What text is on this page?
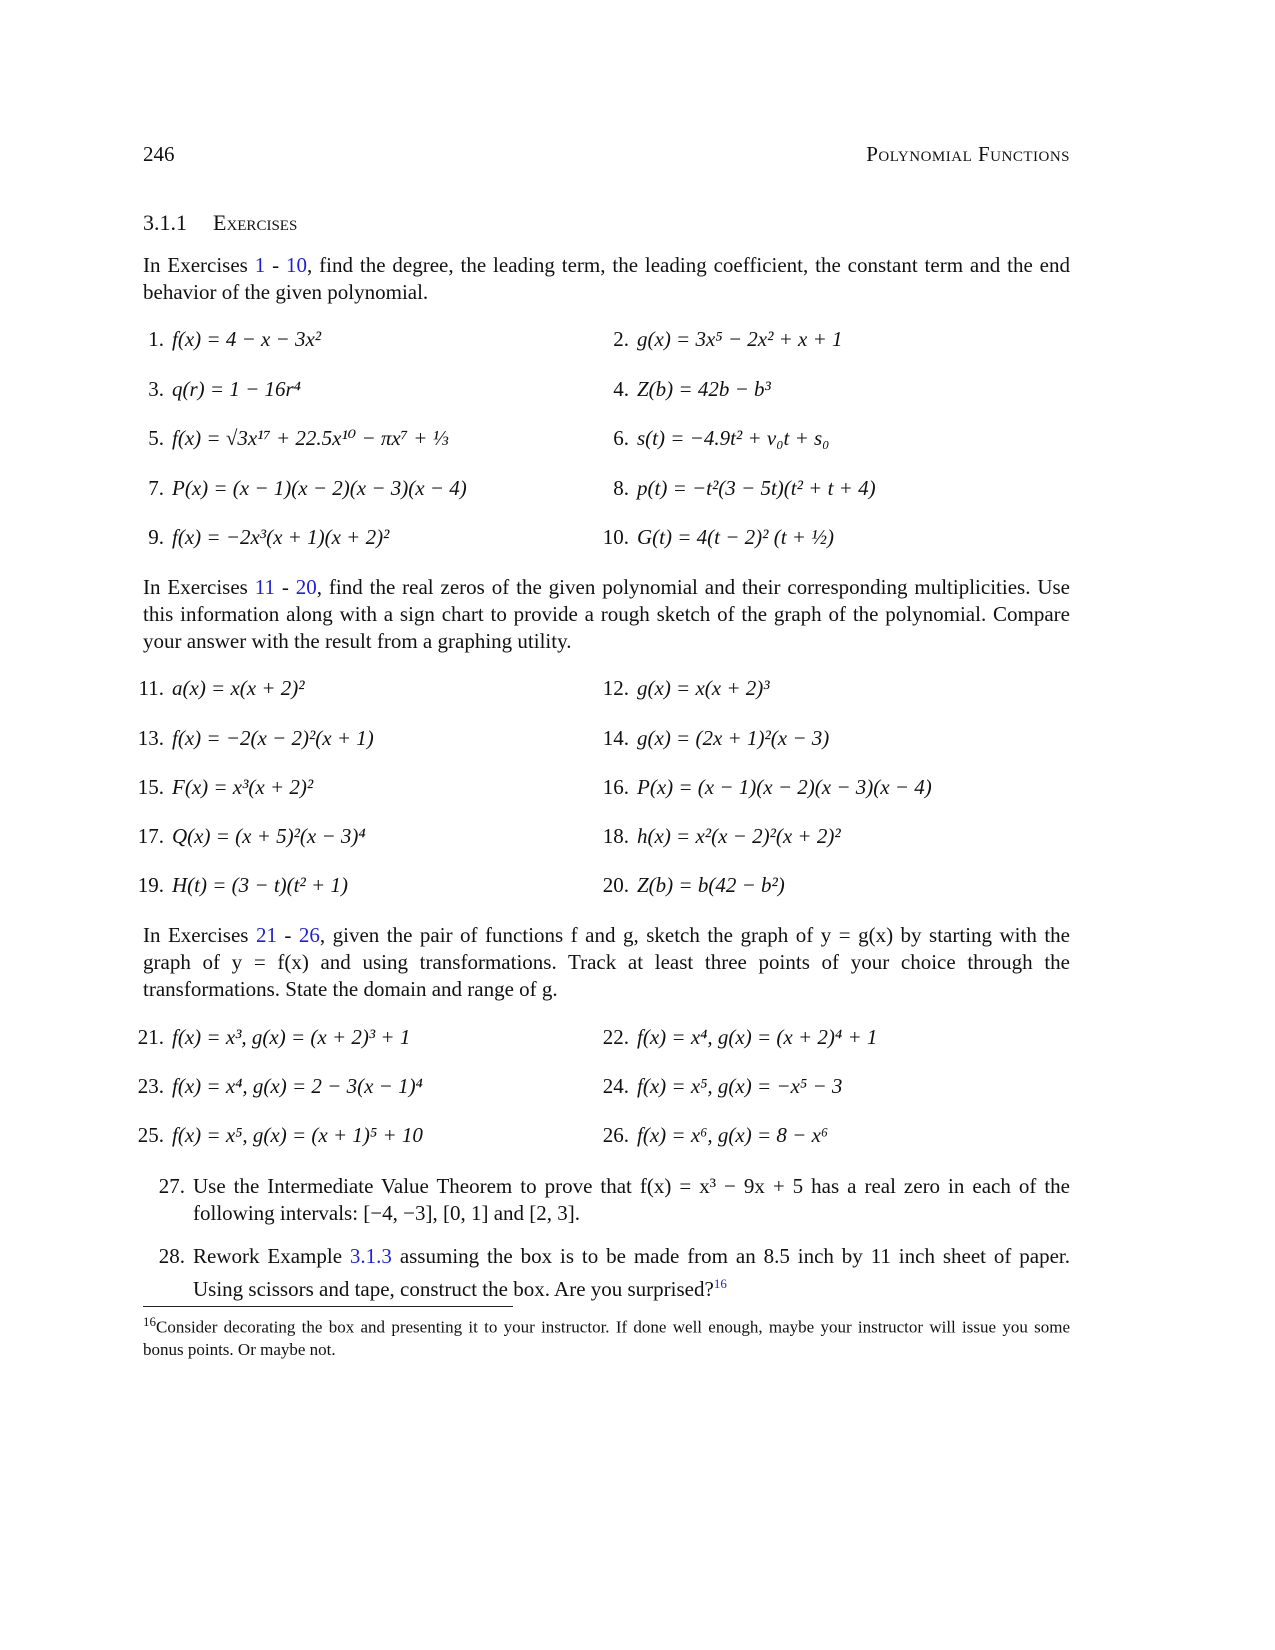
246	Polynomial Functions
3.1.1 Exercises
In Exercises 1 - 10, find the degree, the leading term, the leading coefficient, the constant term and the end behavior of the given polynomial.
1. f(x) = 4 − x − 3x²	2. g(x) = 3x⁵ − 2x² + x + 1
3. q(r) = 1 − 16r⁴	4. Z(b) = 42b − b³
5. f(x) = √3x¹⁷ + 22.5x¹⁰ − πx⁷ + ⅓	6. s(t) = −4.9t² + v₀t + s₀
7. P(x) = (x − 1)(x − 2)(x − 3)(x − 4)	8. p(t) = −t²(3 − 5t)(t² + t + 4)
9. f(x) = −2x³(x + 1)(x + 2)²	10. G(t) = 4(t − 2)² (t + ½)
In Exercises 11 - 20, find the real zeros of the given polynomial and their corresponding multiplicities. Use this information along with a sign chart to provide a rough sketch of the graph of the polynomial. Compare your answer with the result from a graphing utility.
11. a(x) = x(x + 2)²	12. g(x) = x(x + 2)³
13. f(x) = −2(x − 2)²(x + 1)	14. g(x) = (2x + 1)²(x − 3)
15. F(x) = x³(x + 2)²	16. P(x) = (x − 1)(x − 2)(x − 3)(x − 4)
17. Q(x) = (x + 5)²(x − 3)⁴	18. h(x) = x²(x − 2)²(x + 2)²
19. H(t) = (3 − t)(t² + 1)	20. Z(b) = b(42 − b²)
In Exercises 21 - 26, given the pair of functions f and g, sketch the graph of y = g(x) by starting with the graph of y = f(x) and using transformations. Track at least three points of your choice through the transformations. State the domain and range of g.
21. f(x) = x³, g(x) = (x + 2)³ + 1	22. f(x) = x⁴, g(x) = (x + 2)⁴ + 1
23. f(x) = x⁴, g(x) = 2 − 3(x − 1)⁴	24. f(x) = x⁵, g(x) = −x⁵ − 3
25. f(x) = x⁵, g(x) = (x + 1)⁵ + 10	26. f(x) = x⁶, g(x) = 8 − x⁶
27. Use the Intermediate Value Theorem to prove that f(x) = x³ − 9x + 5 has a real zero in each of the following intervals: [−4, −3], [0, 1] and [2, 3].
28. Rework Example 3.1.3 assuming the box is to be made from an 8.5 inch by 11 inch sheet of paper. Using scissors and tape, construct the box. Are you surprised?$^{16}$
$^{16}$Consider decorating the box and presenting it to your instructor. If done well enough, maybe your instructor will issue you some bonus points. Or maybe not.
